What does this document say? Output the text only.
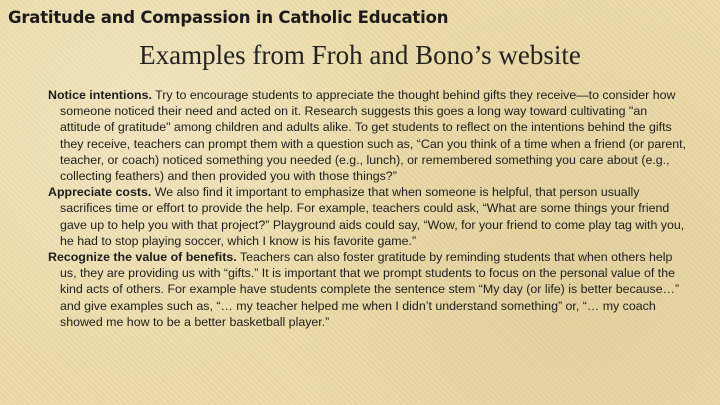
Gratitude and Compassion in Catholic Education
Examples from Froh and Bono’s website

Notice intentions. Try to encourage students to appreciate the thought behind gifts they receive—to consider how someone noticed their need and acted on it. Research suggests this goes a long way toward cultivating "an attitude of gratitude" among children and adults alike. To get students to reflect on the intentions behind the gifts they receive, teachers can prompt them with a question such as, “Can you think of a time when a friend (or parent, teacher, or coach) noticed something you needed (e.g., lunch), or remembered something you care about (e.g., collecting feathers) and then provided you with those things?”

Appreciate costs. We also find it important to emphasize that when someone is helpful, that person usually sacrifices time or effort to provide the help. For example, teachers could ask, “What are some things your friend gave up to help you with that project?” Playground aids could say, “Wow, for your friend to come play tag with you, he had to stop playing soccer, which I know is his favorite game.”

Recognize the value of benefits. Teachers can also foster gratitude by reminding students that when others help us, they are providing us with “gifts.” It is important that we prompt students to focus on the personal value of the kind acts of others. For example have students complete the sentence stem “My day (or life) is better because…” and give examples such as, “… my teacher helped me when I didn’t understand something” or, “… my coach showed me how to be a better basketball player.”
